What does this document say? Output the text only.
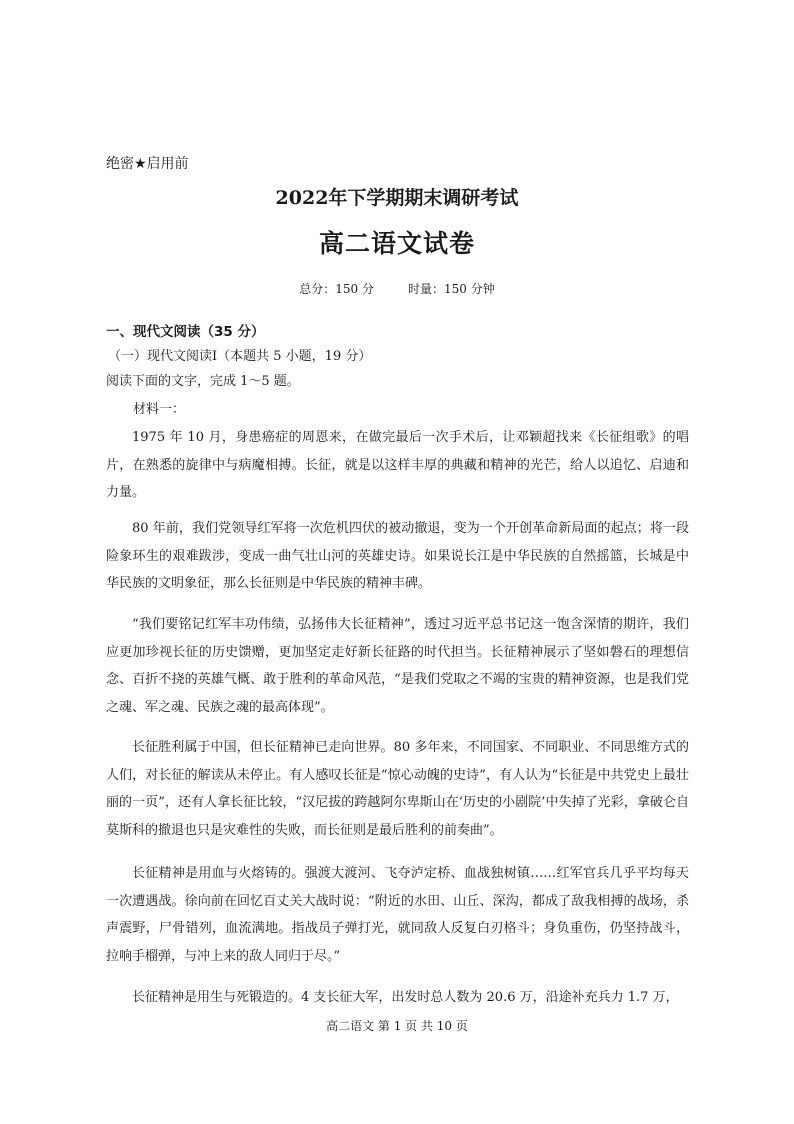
绝密★启用前
2022年下学期期末调研考试
高二语文试卷
总分：150 分	时量：150 分钟
一、现代文阅读（35 分）
（一）现代文阅读I（本题共 5 小题，19 分）
阅读下面的文字，完成 1～5 题。
材料一：

1975 年 10 月，身患癌症的周恩来，在做完最后一次手术后，让邓颖超找来《长征组歌》的唱片，在熟悉的旋律中与病魔相搏。长征，就是以这样丰厚的典藏和精神的光芒，给人以追忆、启迪和力量。

80 年前，我们党领导红军将一次危机四伏的被动撤退，变为一个开创革命新局面的起点；将一段险象环生的艰难跋涉，变成一曲气壮山河的英雄史诗。如果说长江是中华民族的自然摇篮，长城是中华民族的文明象征，那么长征则是中华民族的精神丰碑。

“我们要铭记红军丰功伟绩，弘扬伟大长征精神”，透过习近平总书记这一饱含深情的期许，我们应更加珍视长征的历史馈赠，更加坚定走好新长征路的时代担当。长征精神展示了坚如磐石的理想信念、百折不挠的英雄气概、敢于胜利的革命风范，“是我们党取之不竭的宝贵的精神资源，也是我们党之魂、军之魂、民族之魂的最高体现”。

长征胜利属于中国，但长征精神已走向世界。80 多年来，不同国家、不同职业、不同思维方式的人们，对长征的解读从未停止。有人感叹长征是“惊心动魄的史诗”，有人认为“长征是中共党史上最壮丽的一页”，还有人拿长征比较，“汉尼拔的跨越阿尔卑斯山在‘历史的小剧院’中失掉了光彩，拿破仑自莫斯科的撤退也只是灾难性的失败，而长征则是最后胜利的前奏曲”。

长征精神是用血与火熔铸的。强渡大渡河、飞夺泸定桥、血战独树镇……红军官兵几乎平均每天一次遭遇战。徐向前在回忆百丈关大战时说：“附近的水田、山丘、深沟，都成了敌我相搏的战场，杀声震野，尸骨错列，血流满地。指战员子弹打光，就同敌人反复白刃格斗；身负重伤，仍坚持战斗，拉响手榴弹，与冲上来的敌人同归于尽。”

长征精神是用生与死锻造的。4 支长征大军，出发时总人数为 20.6 万，沿途补充兵力 1.7 万，

高二语文 第 1 页 共 10 页
